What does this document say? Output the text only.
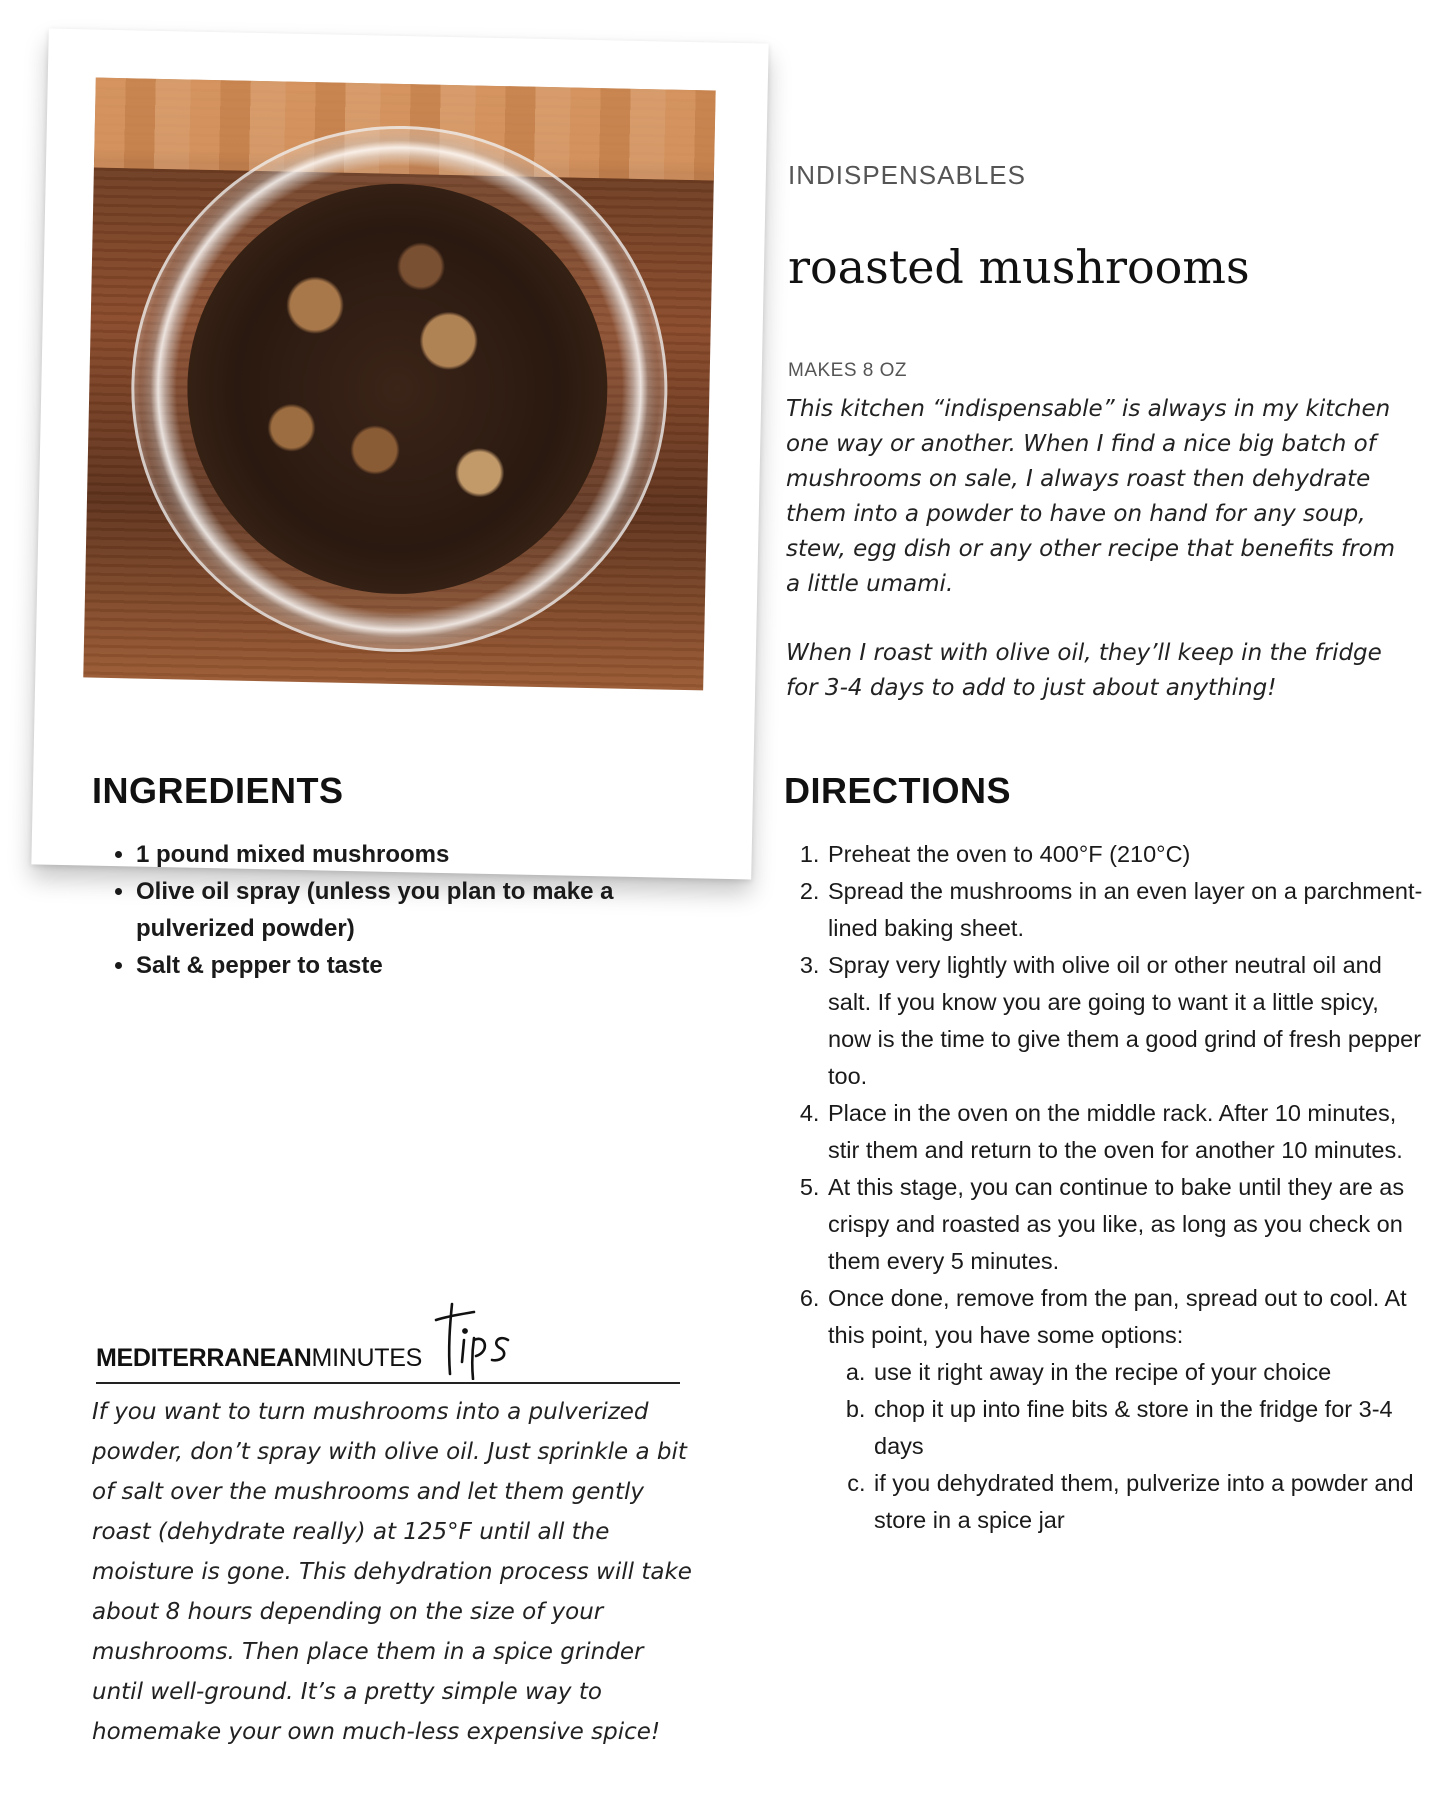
INDISPENSABLES
roasted mushrooms
MAKES 8 OZ

This kitchen “indispensable” is always in my kitchen one way or another. When I find a nice big batch of mushrooms on sale, I always roast then dehydrate them into a powder to have on hand for any soup, stew, egg dish or any other recipe that benefits from a little umami.

When I roast with olive oil, they’ll keep in the fridge for 3-4 days to add to just about anything!

INGREDIENTS
• 1 pound mixed mushrooms
• Olive oil spray (unless you plan to make a pulverized powder)
• Salt & pepper to taste
DIRECTIONS
1. Preheat the oven to 400°F (210°C)
2. Spread the mushrooms in an even layer on a parchment-lined baking sheet.
3. Spray very lightly with olive oil or other neutral oil and salt. If you know you are going to want it a little spicy, now is the time to give them a good grind of fresh pepper too.
4. Place in the oven on the middle rack. After 10 minutes, stir them and return to the oven for another 10 minutes.
5. At this stage, you can continue to bake until they are as crispy and roasted as you like, as long as you check on them every 5 minutes.
6. Once done, remove from the pan, spread out to cool. At this point, you have some options:
a. use it right away in the recipe of your choice
b. chop it up into fine bits & store in the fridge for 3-4 days
c. if you dehydrated them, pulverize into a powder and store in a spice jar
MEDITERRANEANMINUTES
If you want to turn mushrooms into a pulverized powder, don’t spray with olive oil. Just sprinkle a bit of salt over the mushrooms and let them gently roast (dehydrate really) at 125°F until all the moisture is gone. This dehydration process will take about 8 hours depending on the size of your mushrooms. Then place them in a spice grinder until well-ground. It’s a pretty simple way to homemake your own much-less expensive spice!
